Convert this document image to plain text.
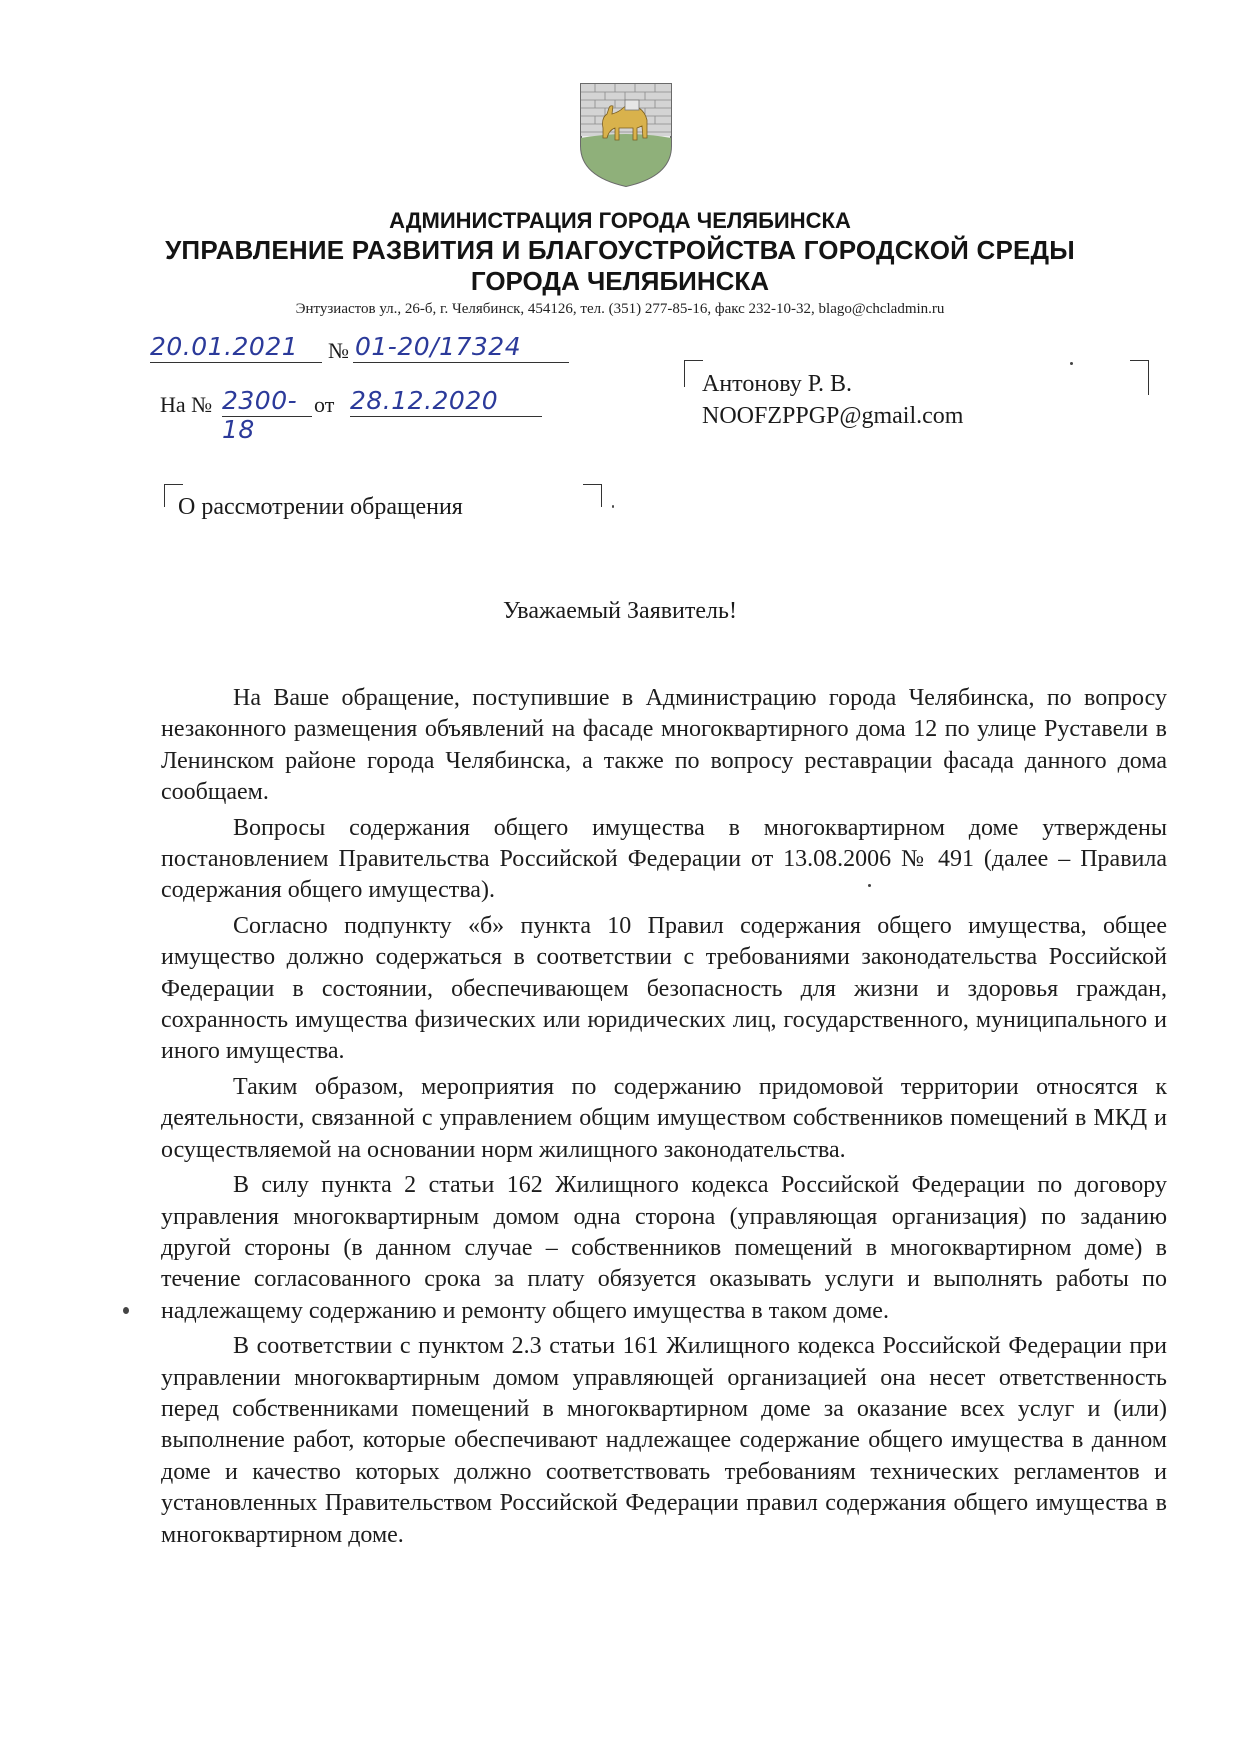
АДМИНИСТРАЦИЯ ГОРОДА ЧЕЛЯБИНСКА
УПРАВЛЕНИЕ РАЗВИТИЯ И БЛАГОУСТРОЙСТВА ГОРОДСКОЙ СРЕДЫ
ГОРОДА ЧЕЛЯБИНСКА
Энтузиастов ул., 26-б, г. Челябинск, 454126, тел. (351) 277-85-16, факс 232-10-32, blago@chcladmin.ru
20.01.2021	№ 01-20/17324
На № 2300-18
от 28.12.2020
Антонову Р. В.
NOOFZPPGP@gmail.com
О рассмотрении обращения
Уважаемый Заявитель!

На Ваше обращение, поступившие в Администрацию города Челябинска, по вопросу незаконного размещения объявлений на фасаде многоквартирного дома 12 по улице Руставели в Ленинском районе города Челябинска, а также по вопросу реставрации фасада данного дома сообщаем.

Вопросы содержания общего имущества в многоквартирном доме утверждены постановлением Правительства Российской Федерации от 13.08.2006 № 491 (далее – Правила содержания общего имущества).

Согласно подпункту «б» пункта 10 Правил содержания общего имущества, общее имущество должно содержаться в соответствии с требованиями законодательства Российской Федерации в состоянии, обеспечивающем безопасность для жизни и здоровья граждан, сохранность имущества физических или юридических лиц, государственного, муниципального и иного имущества.

Таким образом, мероприятия по содержанию придомовой территории относятся к деятельности, связанной с управлением общим имуществом собственников помещений в МКД и осуществляемой на основании норм жилищного законодательства.

В силу пункта 2 статьи 162 Жилищного кодекса Российской Федерации по договору управления многоквартирным домом одна сторона (управляющая организация) по заданию другой стороны (в данном случае – собственников помещений в многоквартирном доме) в течение согласованного срока за плату обязуется оказывать услуги и выполнять работы по надлежащему содержанию и ремонту общего имущества в таком доме.

В соответствии с пунктом 2.3 статьи 161 Жилищного кодекса Российской Федерации при управлении многоквартирным домом управляющей организацией она несет ответственность перед собственниками помещений в многоквартирном доме за оказание всех услуг и (или) выполнение работ, которые обеспечивают надлежащее содержание общего имущества в данном доме и качество которых должно соответствовать требованиям технических регламентов и установленных Правительством Российской Федерации правил содержания общего имущества в многоквартирном доме.
